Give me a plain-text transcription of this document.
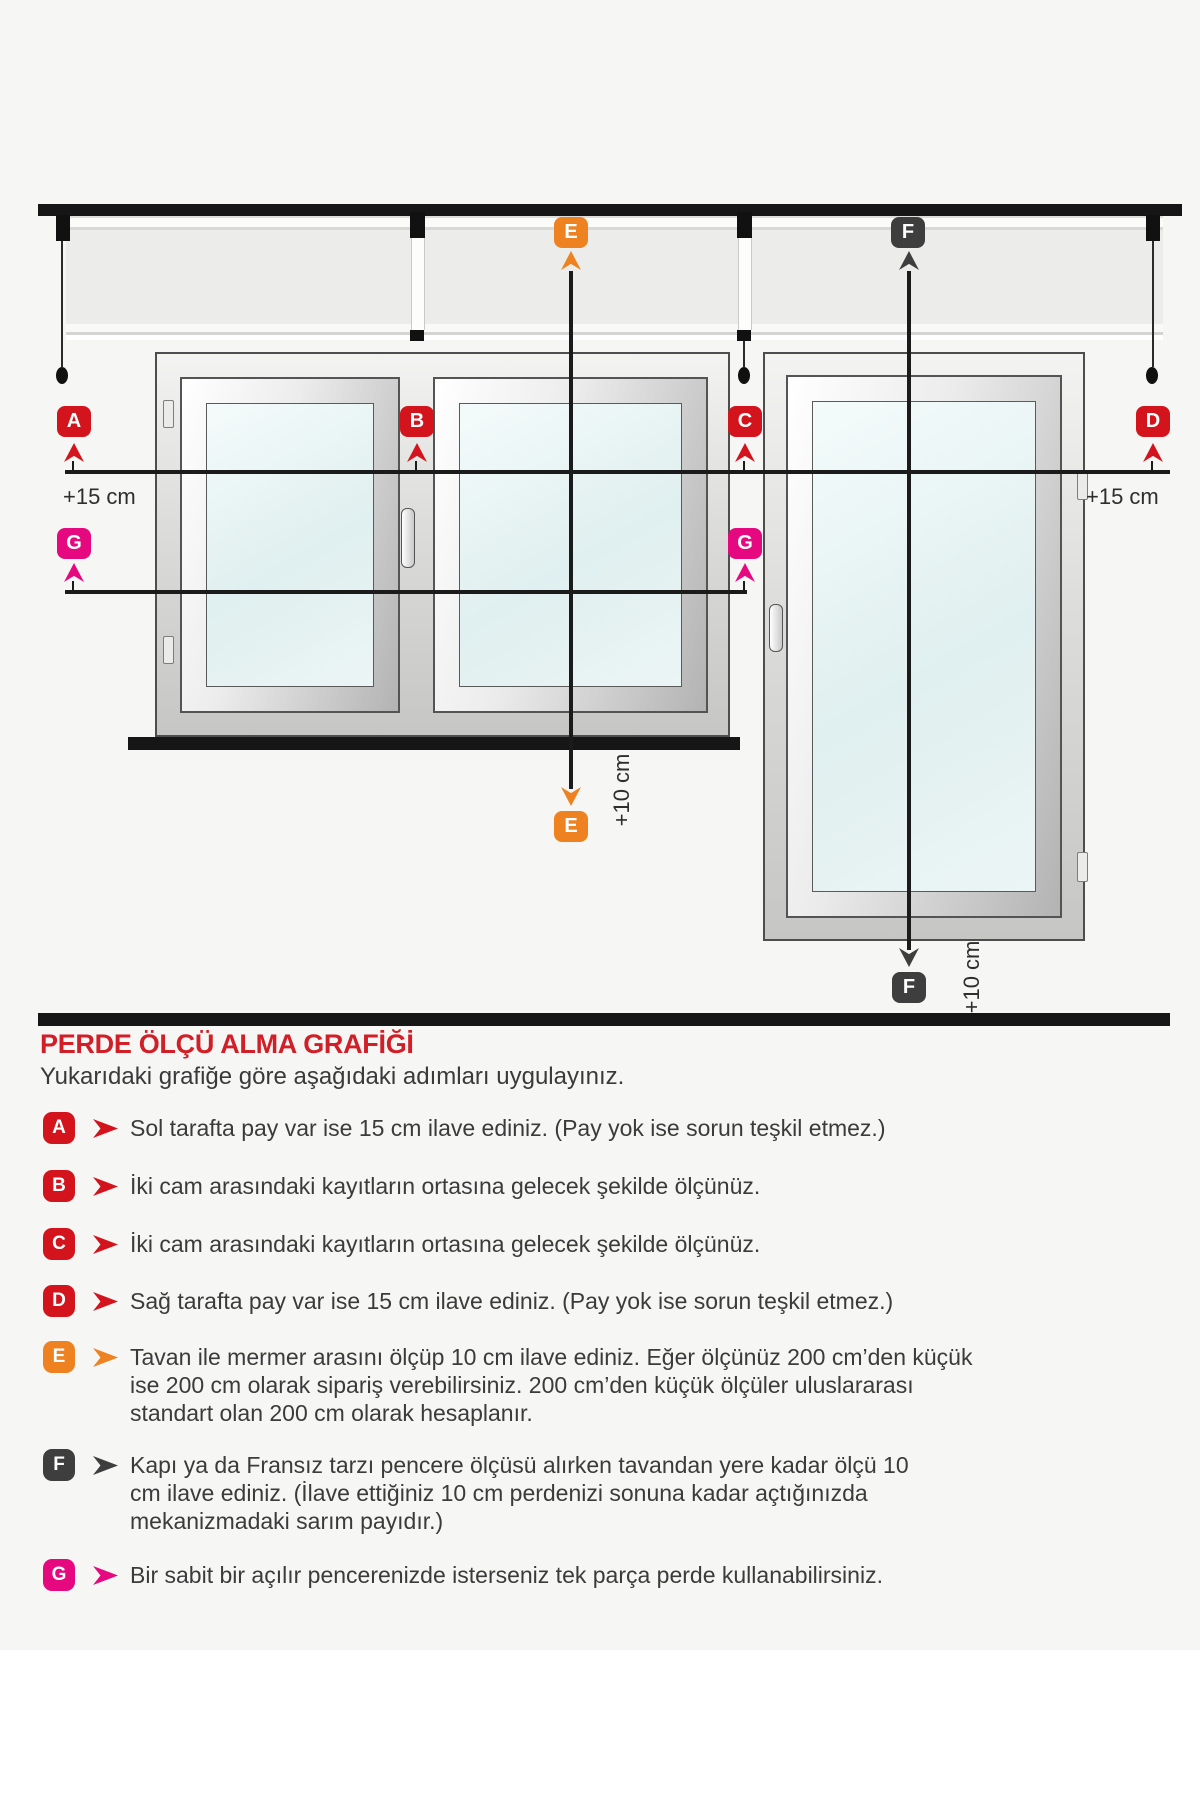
A	B	C	D
G	G
E
E
F
F
+15 cm	+15 cm
+10 cm
+10 cm
PERDE ÖLÇÜ ALMA GRAFİĞİ
Yukarıdaki grafiğe göre aşağıdaki adımları uygulayınız.
A	Sol tarafta pay var ise 15 cm ilave ediniz. (Pay yok ise sorun teşkil etmez.)
B	İki cam arasındaki kayıtların ortasına gelecek şekilde ölçünüz.
C	İki cam arasındaki kayıtların ortasına gelecek şekilde ölçünüz.
D	Sağ tarafta pay var ise 15 cm ilave ediniz. (Pay yok ise sorun teşkil etmez.)
E	Tavan ile mermer arasını ölçüp 10 cm ilave ediniz. Eğer ölçünüz 200 cm’den küçük ise 200 cm olarak sipariş verebilirsiniz. 200 cm’den küçük ölçüler uluslararası standart olan 200 cm olarak hesaplanır.
F	Kapı ya da Fransız tarzı pencere ölçüsü alırken tavandan yere kadar ölçü 10 cm ilave ediniz. (İlave ettiğiniz 10 cm perdenizi sonuna kadar açtığınızda mekanizmadaki sarım payıdır.)
G	Bir sabit bir açılır pencerenizde isterseniz tek parça perde kullanabilirsiniz.
